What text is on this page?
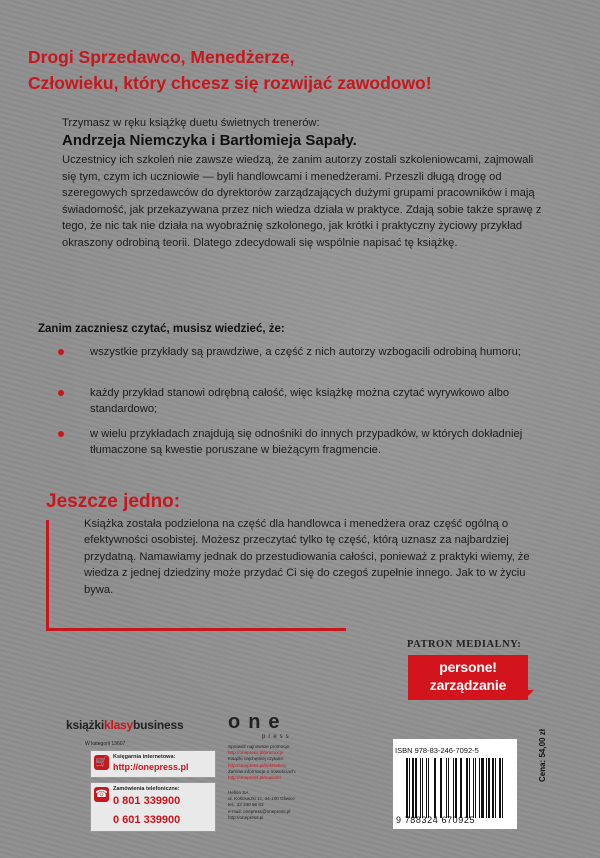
Drogi Sprzedawco, Menedżerze,
Człowieku, który chcesz się rozwijać zawodowo!

Trzymasz w ręku książkę duetu świetnych trenerów:

Andrzeja Niemczyka i Bartłomieja Sapały.

Uczestnicy ich szkoleń nie zawsze wiedzą, że zanim autorzy zostali szkoleniowcami, zajmowali się tym, czym ich uczniowie — byli handlowcami i menedżerami. Przeszli długą drogę od szeregowych sprzedawców do dyrektorów zarządzających dużymi grupami pracowników i mają świadomość, jak przekazywana przez nich wiedza działa w praktyce. Zdają sobie także sprawę z tego, że nic tak nie działa na wyobraźnię szkolonego, jak krótki i praktyczny życiowy przykład okraszony odrobiną teorii. Dlatego zdecydowali się wspólnie napisać tę książkę.

Zanim zaczniesz czytać, musisz wiedzieć, że:

wszystkie przykłady są prawdziwe, a część z nich autorzy wzbogacili odrobiną humoru;
każdy przykład stanowi odrębną całość, więc książkę można czytać wyrywkowo albo standardowo;
w wielu przykładach znajdują się odnośniki do innych przypadków, w których dokładniej tłumaczone są kwestie poruszane w bieżącym fragmencie.
Jeszcze jedno:

Książka została podzielona na część dla handlowca i menedżera oraz część ogólną o efektywności osobistej. Możesz przeczytać tylko tę część, którą uznasz za najbardziej przydatną. Namawiamy jednak do przestudiowania całości, ponieważ z praktyki wiemy, że wiedza z jednej dziedziny może przydać Ci się do czegoś zupełnie innego. Jak to w życiu bywa.

PATRON MEDIALNY:
persone!
zarządzanie
książkiklasybusiness one
press
W kategorii 13607
🛒 Księgarnia internetowa:
http://onepress.pl
☎ Zamówienia telefoniczne:
0 801 339900
0 601 339900
Sprawdź najnowsze promocje:
http://onepress.pl/promocje
Książki najchętniej czytane:
http://onepress.pl/bestsellery
Zamów informacje o nowościach:
http://onepress.pl/nowosci
Helion SA
ul. Kościuszki 1c, 44-100 Gliwice
tel.: 32 230 98 63
e-mail: onepress@onepress.pl
http://onepress.pl
ISBN 978-83-246-7092-5
9 788324 670925
Cena: 54,00 zł
